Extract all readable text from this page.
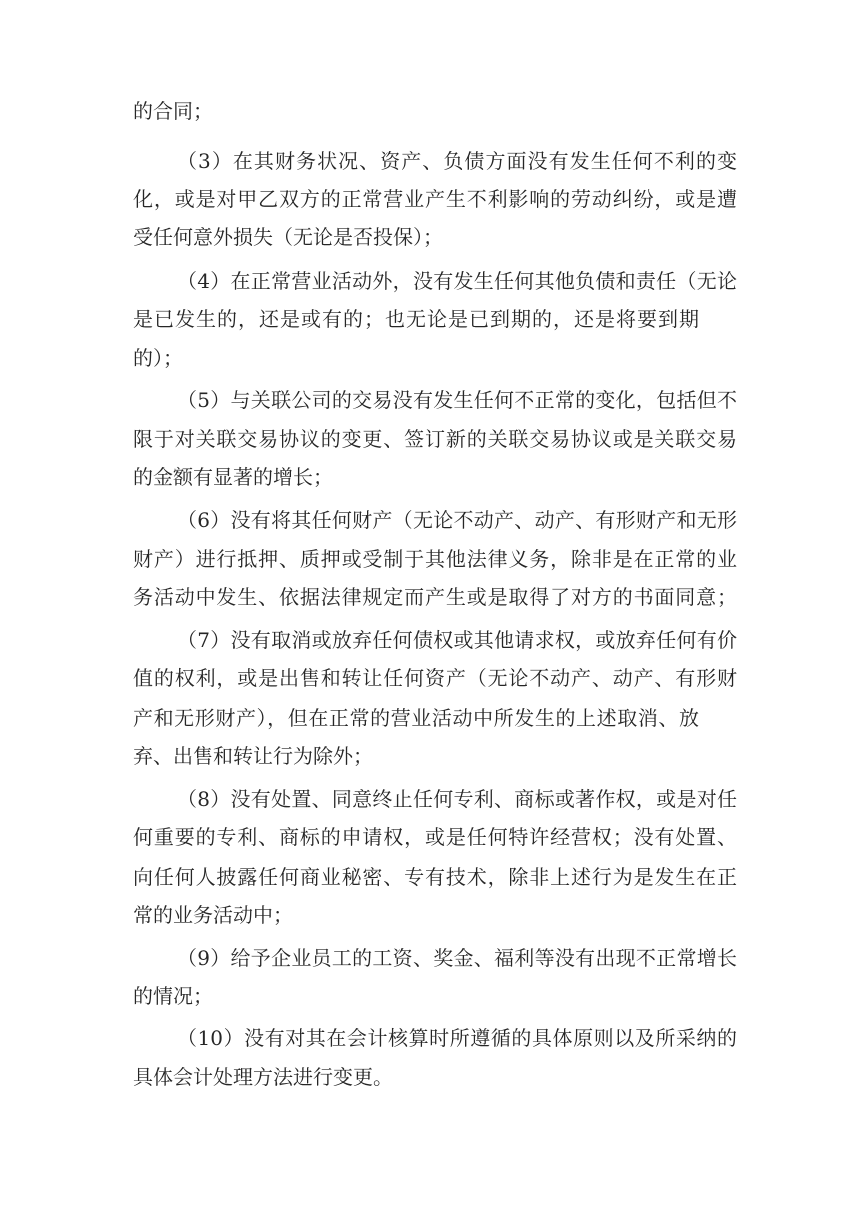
的合同；
（3）在其财务状况、资产、负债方面没有发生任何不利的变
化，或是对甲乙双方的正常营业产生不利影响的劳动纠纷，或是遭
受任何意外损失（无论是否投保）；
（4）在正常营业活动外，没有发生任何其他负债和责任（无论
是已发生的，还是或有的；也无论是已到期的，还是将要到期
的）；
（5）与关联公司的交易没有发生任何不正常的变化，包括但不
限于对关联交易协议的变更、签订新的关联交易协议或是关联交易
的金额有显著的增长；
（6）没有将其任何财产（无论不动产、动产、有形财产和无形
财产）进行抵押、质押或受制于其他法律义务，除非是在正常的业
务活动中发生、依据法律规定而产生或是取得了对方的书面同意；
（7）没有取消或放弃任何债权或其他请求权，或放弃任何有价
值的权利，或是出售和转让任何资产（无论不动产、动产、有形财
产和无形财产），但在正常的营业活动中所发生的上述取消、放
弃、出售和转让行为除外；
（8）没有处置、同意终止任何专利、商标或著作权，或是对任
何重要的专利、商标的申请权，或是任何特许经营权；没有处置、
向任何人披露任何商业秘密、专有技术，除非上述行为是发生在正
常的业务活动中；
（9）给予企业员工的工资、奖金、福利等没有出现不正常增长
的情况；
（10）没有对其在会计核算时所遵循的具体原则以及所采纳的
具体会计处理方法进行变更。
